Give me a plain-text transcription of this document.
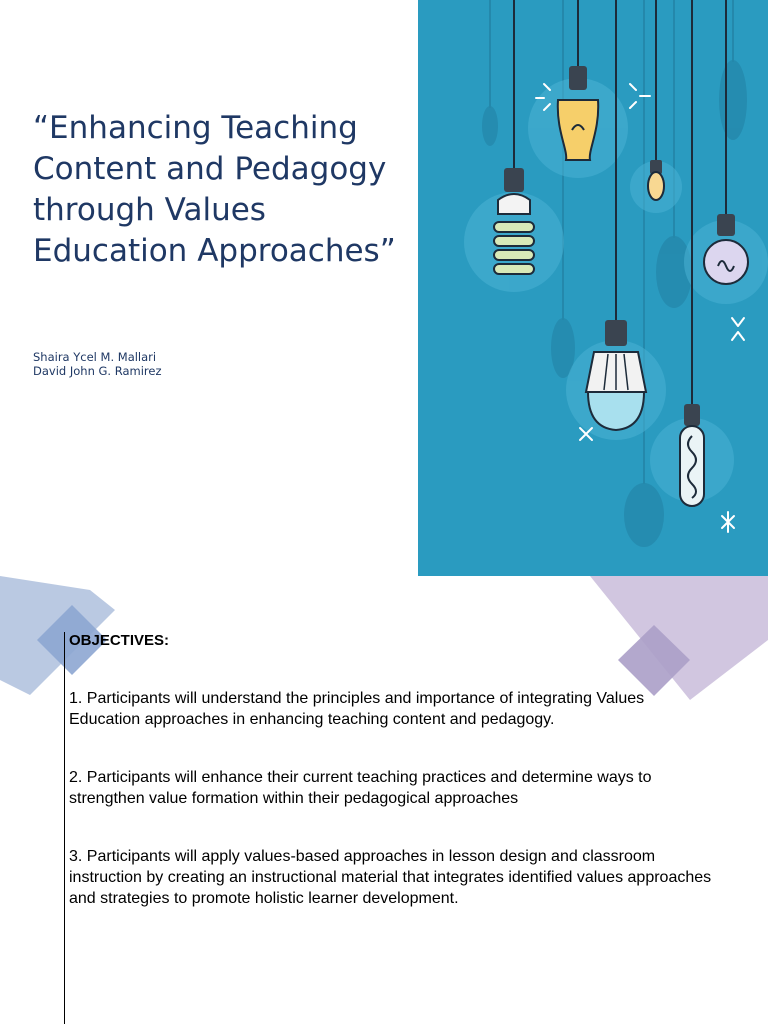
“Enhancing Teaching Content and Pedagogy through Values Education Approaches”
Shaira Ycel M. Mallari
David John G. Ramirez
OBJECTIVES:

1. Participants will understand the principles and importance of integrating Values Education approaches in enhancing teaching content and pedagogy.

2. Participants will enhance their current teaching practices and determine ways to strengthen value formation within their pedagogical approaches

3. Participants will apply values-based approaches in lesson design and classroom instruction by creating an instructional material that integrates identified values approaches and strategies to promote holistic learner development.
